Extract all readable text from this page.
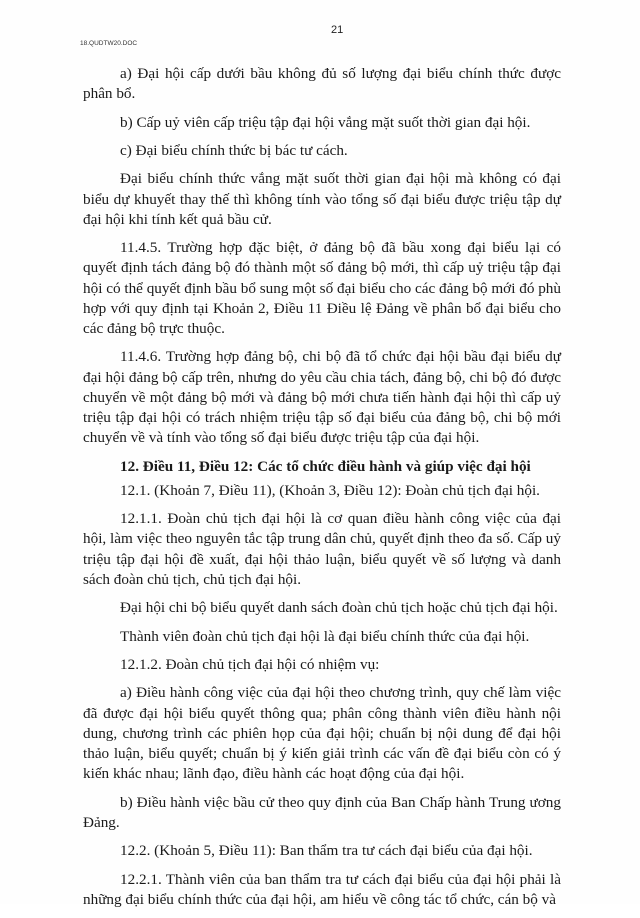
18.QUDTW20.DOC
21

a) Đại hội cấp dưới bầu không đủ số lượng đại biểu chính thức được phân bổ.

b) Cấp uỷ viên cấp triệu tập đại hội vắng mặt suốt thời gian đại hội.

c) Đại biểu chính thức bị bác tư cách.

Đại biểu chính thức vắng mặt suốt thời gian đại hội mà không có đại biểu dự khuyết thay thế thì không tính vào tổng số đại biểu được triệu tập dự đại hội khi tính kết quả bầu cử.

11.4.5. Trường hợp đặc biệt, ở đảng bộ đã bầu xong đại biểu lại có quyết định tách đảng bộ đó thành một số đảng bộ mới, thì cấp uỷ triệu tập đại hội có thể quyết định bầu bổ sung một số đại biểu cho các đảng bộ mới đó phù hợp với quy định tại Khoản 2, Điều 11 Điều lệ Đảng về phân bổ đại biểu cho các đảng bộ trực thuộc.

11.4.6. Trường hợp đảng bộ, chi bộ đã tổ chức đại hội bầu đại biểu dự đại hội đảng bộ cấp trên, nhưng do yêu cầu chia tách, đảng bộ, chi bộ đó được chuyển về một đảng bộ mới và đảng bộ mới chưa tiến hành đại hội thì cấp uỷ triệu tập đại hội có trách nhiệm triệu tập số đại biểu của đảng bộ, chi bộ mới chuyển về và tính vào tổng số đại biểu được triệu tập của đại hội.

12. Điều 11, Điều 12: Các tổ chức điều hành và giúp việc đại hội

12.1. (Khoản 7, Điều 11), (Khoản 3, Điều 12): Đoàn chủ tịch đại hội.

12.1.1. Đoàn chủ tịch đại hội là cơ quan điều hành công việc của đại hội, làm việc theo nguyên tắc tập trung dân chủ, quyết định theo đa số. Cấp uỷ triệu tập đại hội đề xuất, đại hội thảo luận, biểu quyết về số lượng và danh sách đoàn chủ tịch, chủ tịch đại hội.

Đại hội chi bộ biểu quyết danh sách đoàn chủ tịch hoặc chủ tịch đại hội.

Thành viên đoàn chủ tịch đại hội là đại biểu chính thức của đại hội.

12.1.2. Đoàn chủ tịch đại hội có nhiệm vụ:

a) Điều hành công việc của đại hội theo chương trình, quy chế làm việc đã được đại hội biểu quyết thông qua; phân công thành viên điều hành nội dung, chương trình các phiên họp của đại hội; chuẩn bị nội dung để đại hội thảo luận, biểu quyết; chuẩn bị ý kiến giải trình các vấn đề đại biểu còn có ý kiến khác nhau; lãnh đạo, điều hành các hoạt động của đại hội.

b) Điều hành việc bầu cử theo quy định của Ban Chấp hành Trung ương Đảng.

12.2. (Khoản 5, Điều 11): Ban thẩm tra tư cách đại biểu của đại hội.

12.2.1. Thành viên của ban thẩm tra tư cách đại biểu của đại hội phải là những đại biểu chính thức của đại hội, am hiểu về công tác tổ chức, cán bộ và
